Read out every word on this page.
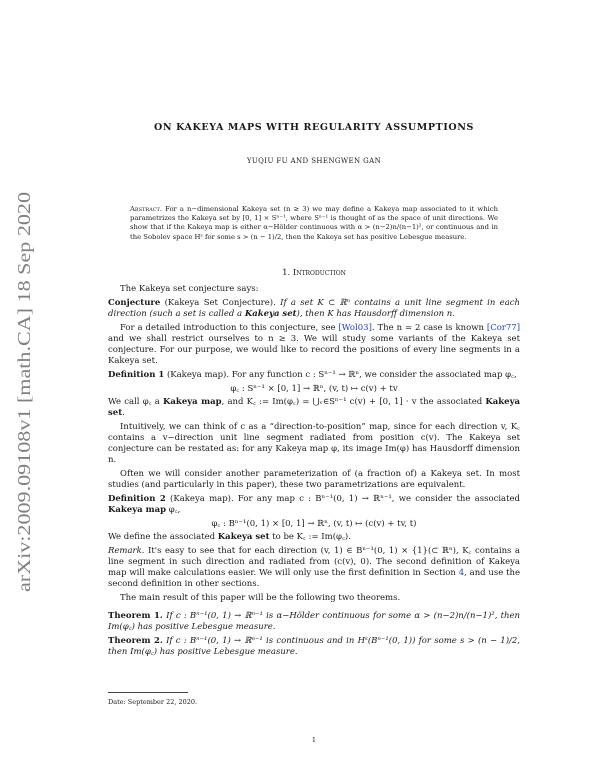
arXiv:2009.09108v1 [math.CA] 18 Sep 2020
ON KAKEYA MAPS WITH REGULARITY ASSUMPTIONS
YUQIU FU AND SHENGWEN GAN
Abstract. For a n−dimensional Kakeya set (n ≥ 3) we may define a Kakeya map associated to it which parametrizes the Kakeya set by [0, 1] × Sⁿ⁻¹, where Sⁿ⁻¹ is thought of as the space of unit directions. We show that if the Kakeya map is either α−Hölder continuous with α > (n−2)n/(n−1)², or continuous and in the Sobolev space Hˢ for some s > (n − 1)/2, then the Kakeya set has positive Lebesgue measure.
1. Introduction

The Kakeya set conjecture says:

Conjecture (Kakeya Set Conjecture). If a set K ⊂ ℝⁿ contains a unit line segment in each direction (such a set is called a Kakeya set), then K has Hausdorff dimension n.

For a detailed introduction to this conjecture, see [Wol03]. The n = 2 case is known [Cor77] and we shall restrict ourselves to n ≥ 3. We will study some variants of the Kakeya set conjecture. For our purpose, we would like to record the positions of every line segments in a Kakeya set.

Definition 1 (Kakeya map). For any function c : Sⁿ⁻¹ → ℝⁿ, we consider the associated map φ꜀,

φ꜀ : Sⁿ⁻¹ × [0, 1] → ℝⁿ, (v, t) ↦ c(v) + tv

We call φ꜀ a Kakeya map, and K꜀ := Im(φ꜀) = ⋃ᵥ∈Sⁿ⁻¹ c(v) + [0, 1] · v the associated Kakeya set.

Intuitively, we can think of c as a “direction-to-position” map, since for each direction v, K꜀ contains a v−direction unit line segment radiated from position c(v). The Kakeya set conjecture can be restated as: for any Kakeya map φ, its image Im(φ) has Hausdorff dimension n.

Often we will consider another parameterization of (a fraction of) a Kakeya set. In most studies (and particularly in this paper), these two parametrizations are equivalent.

Definition 2 (Kakeya map). For any map c : Bⁿ⁻¹(0, 1) → ℝⁿ⁻¹, we consider the associated Kakeya map φ꜀,

φ꜀ : Bⁿ⁻¹(0, 1) × [0, 1] → ℝⁿ, (v, t) ↦ (c(v) + tv, t)

We define the associated Kakeya set to be K꜀ := Im(φ꜀).

Remark. It's easy to see that for each direction (v, 1) ∈ Bⁿ⁻¹(0, 1) × {1}(⊂ ℝⁿ), K꜀ contains a line segment in such direction and radiated from (c(v), 0). The second definition of Kakeya map will make calculations easier. We will only use the first definition in Section 4, and use the second definition in other sections.

The main result of this paper will be the following two theorems.

Theorem 1. If c : Bⁿ⁻¹(0, 1) → ℝⁿ⁻¹ is α−Hölder continuous for some α > (n−2)n/(n−1)², then Im(φ꜀) has positive Lebesgue measure.

Theorem 2. If c : Bⁿ⁻¹(0, 1) → ℝⁿ⁻¹ is continuous and in Hˢ(Bⁿ⁻¹(0, 1)) for some s > (n − 1)/2, then Im(φ꜀) has positive Lebesgue measure.

Date: September 22, 2020.
1
